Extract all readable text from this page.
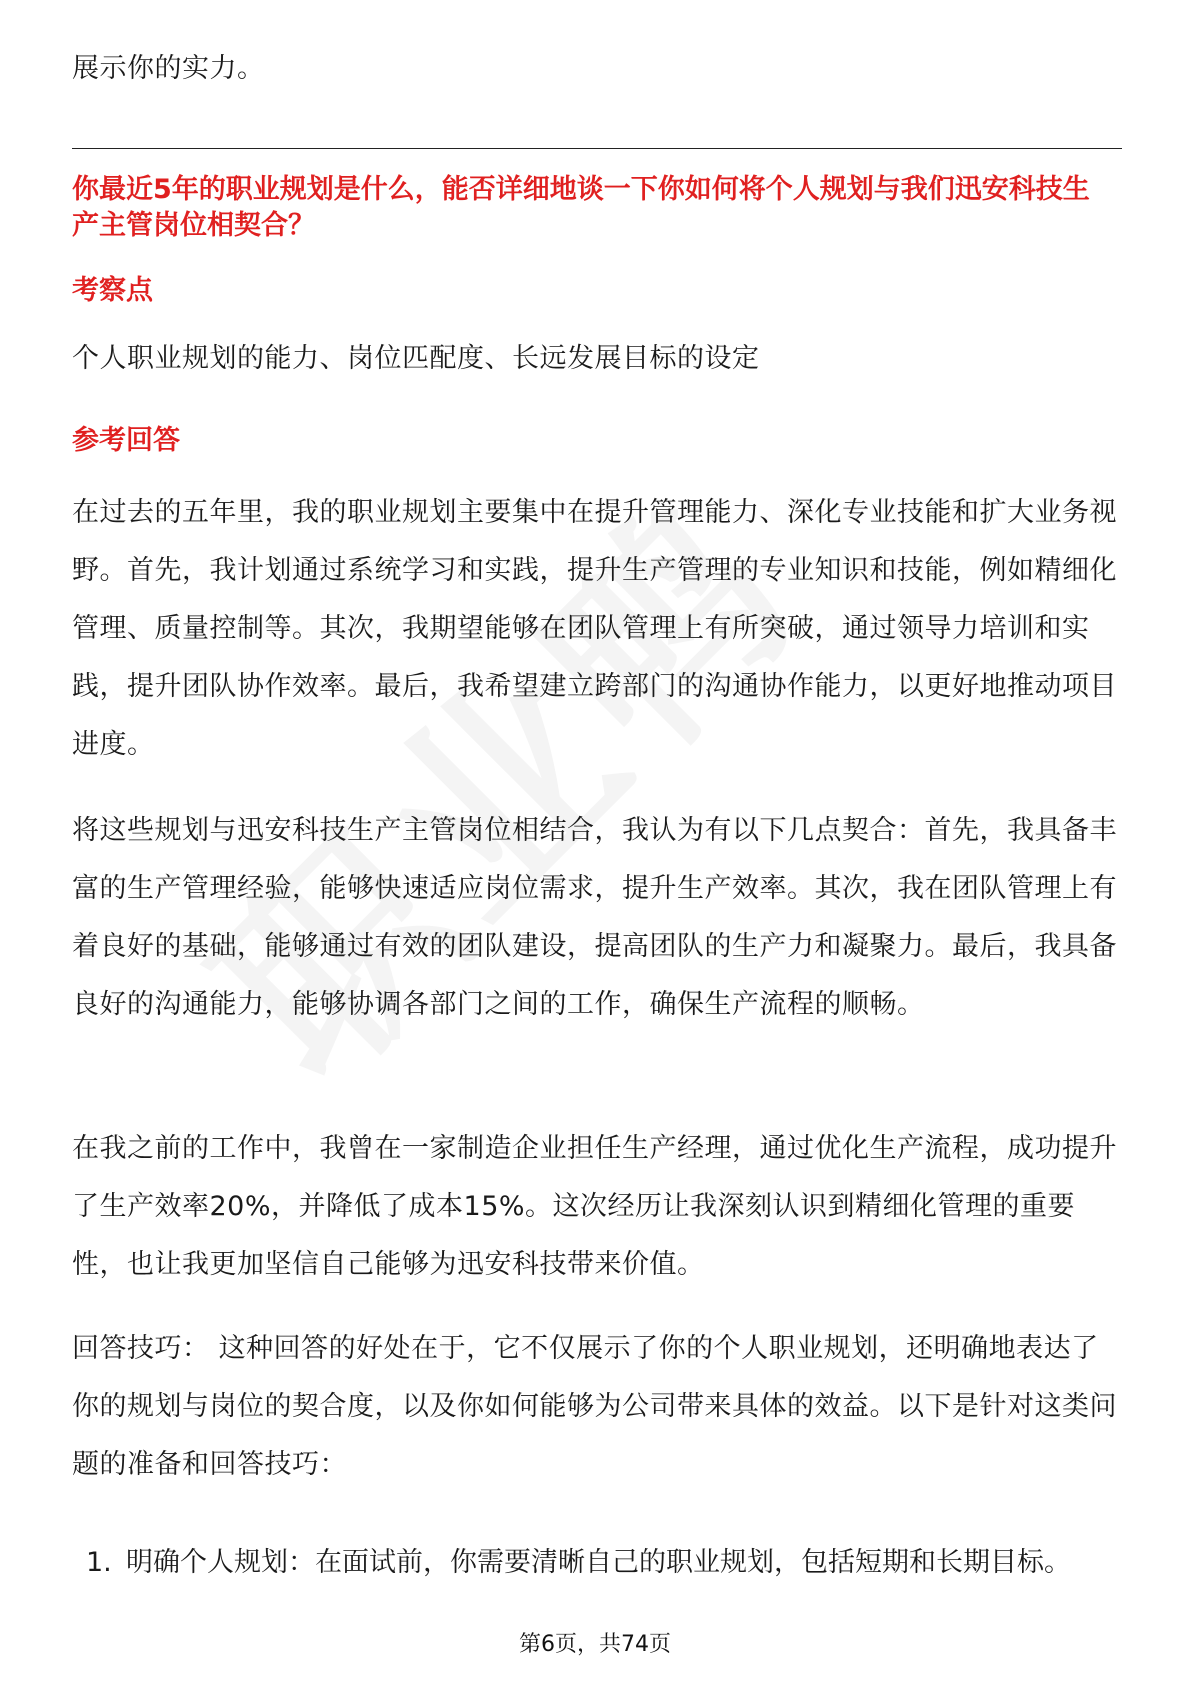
展示你的实力。

你最近5年的职业规划是什么，能否详细地谈一下你如何将个人规划与我们迅安科技生产主管岗位相契合？

考察点

个人职业规划的能力、岗位匹配度、长远发展目标的设定

参考回答

在过去的五年里，我的职业规划主要集中在提升管理能力、深化专业技能和扩大业务视野。首先，我计划通过系统学习和实践，提升生产管理的专业知识和技能，例如精细化管理、质量控制等。其次，我期望能够在团队管理上有所突破，通过领导力培训和实践，提升团队协作效率。最后，我希望建立跨部门的沟通协作能力，以更好地推动项目进度。

将这些规划与迅安科技生产主管岗位相结合，我认为有以下几点契合：首先，我具备丰富的生产管理经验，能够快速适应岗位需求，提升生产效率。其次，我在团队管理上有着良好的基础，能够通过有效的团队建设，提高团队的生产力和凝聚力。最后，我具备良好的沟通能力，能够协调各部门之间的工作，确保生产流程的顺畅。

在我之前的工作中，我曾在一家制造企业担任生产经理，通过优化生产流程，成功提升了生产效率20%，并降低了成本15%。这次经历让我深刻认识到精细化管理的重要性，也让我更加坚信自己能够为迅安科技带来价值。

回答技巧： 这种回答的好处在于，它不仅展示了你的个人职业规划，还明确地表达了你的规划与岗位的契合度，以及你如何能够为公司带来具体的效益。以下是针对这类问题的准备和回答技巧：

1. 明确个人规划：在面试前，你需要清晰自己的职业规划，包括短期和长期目标。
第6页，共74页
